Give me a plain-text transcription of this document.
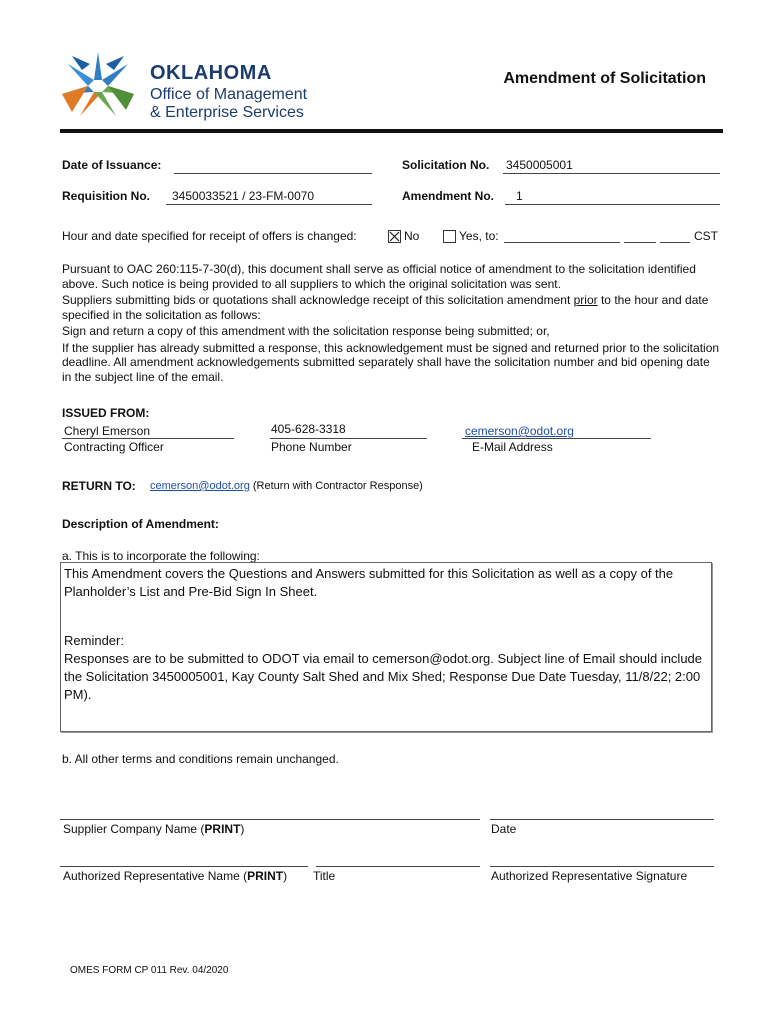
OKLAHOMA
Office of Management
& Enterprise Services
Amendment of Solicitation
Date of Issuance:	Solicitation No. 3450005001
Requisition No. 3450033521 / 23-FM-0070	Amendment No. 1
Hour and date specified for receipt of offers is changed:	No	Yes, to:	CST

Pursuant to OAC 260:115-7-30(d), this document shall serve as official notice of amendment to the solicitation identified above. Such notice is being provided to all suppliers to which the original solicitation was sent.

Suppliers submitting bids or quotations shall acknowledge receipt of this solicitation amendment prior to the hour and date specified in the solicitation as follows:

Sign and return a copy of this amendment with the solicitation response being submitted; or,

If the supplier has already submitted a response, this acknowledgement must be signed and returned prior to the solicitation deadline. All amendment acknowledgements submitted separately shall have the solicitation number and bid opening date in the subject line of the email.

ISSUED FROM:
Cheryl Emerson
Contracting Officer
405-628-3318
Phone Number
cemerson@odot.org
E-Mail Address
RETURN TO: cemerson@odot.org (Return with Contractor Response)
Description of Amendment:
a. This is to incorporate the following:
This Amendment covers the Questions and Answers submitted for this Solicitation as well as a copy of the Planholder’s List and Pre-Bid Sign In Sheet.
Reminder:
Responses are to be submitted to ODOT via email to cemerson@odot.org. Subject line of Email should include the Solicitation 3450005001, Kay County Salt Shed and Mix Shed; Response Due Date Tuesday, 11/8/22; 2:00 PM).
b. All other terms and conditions remain unchanged.
Supplier Company Name (PRINT)	Date
Authorized Representative Name (PRINT) Title	Authorized Representative Signature
OMES FORM CP 011 Rev. 04/2020
